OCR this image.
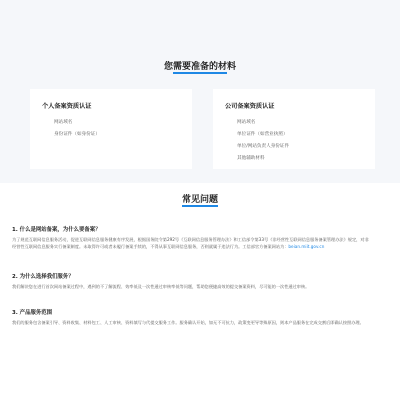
您需要准备的材料
个人备案资质认证
网站域名
身份证件（如身份证）
公司备案资质认证
网站域名
单位证件（如营业执照）
单位/网站负责人身份证件
其他辅助材料
常见问题
1. 什么是网站备案，为什么要备案？
为了规范互联网信息服务活动，促进互联网信息服务健康有序发展，根据国务院令第292号《互联网信息服务管理办法》和工信部令第33号《非经营性互联网信息服务备案管理办法》规定，对非经营性互联网信息服务实行备案制度。未取得许可或者未履行备案手续的，不得从事互联网信息服务，否则就属于违法行为。工信部官方备案网站为：beian.miit.gov.cn
2. 为什么选择我们服务？
我们解决您在进行首次网站备案过程中，遇到的不了解流程、效率低及一次性通过审核率低等问题，帮助您便捷高效的提交备案资料，尽可能的一次性通过审核。
3. 产品服务范围
我们的服务包含备案引导、资料收集、材料包工、人工审核、资料填写与代提交服务工作。服务确认开始，如无不可抗力，政策变更导等殊原因，则本产品服务在完成交割后即确认按照办理。
